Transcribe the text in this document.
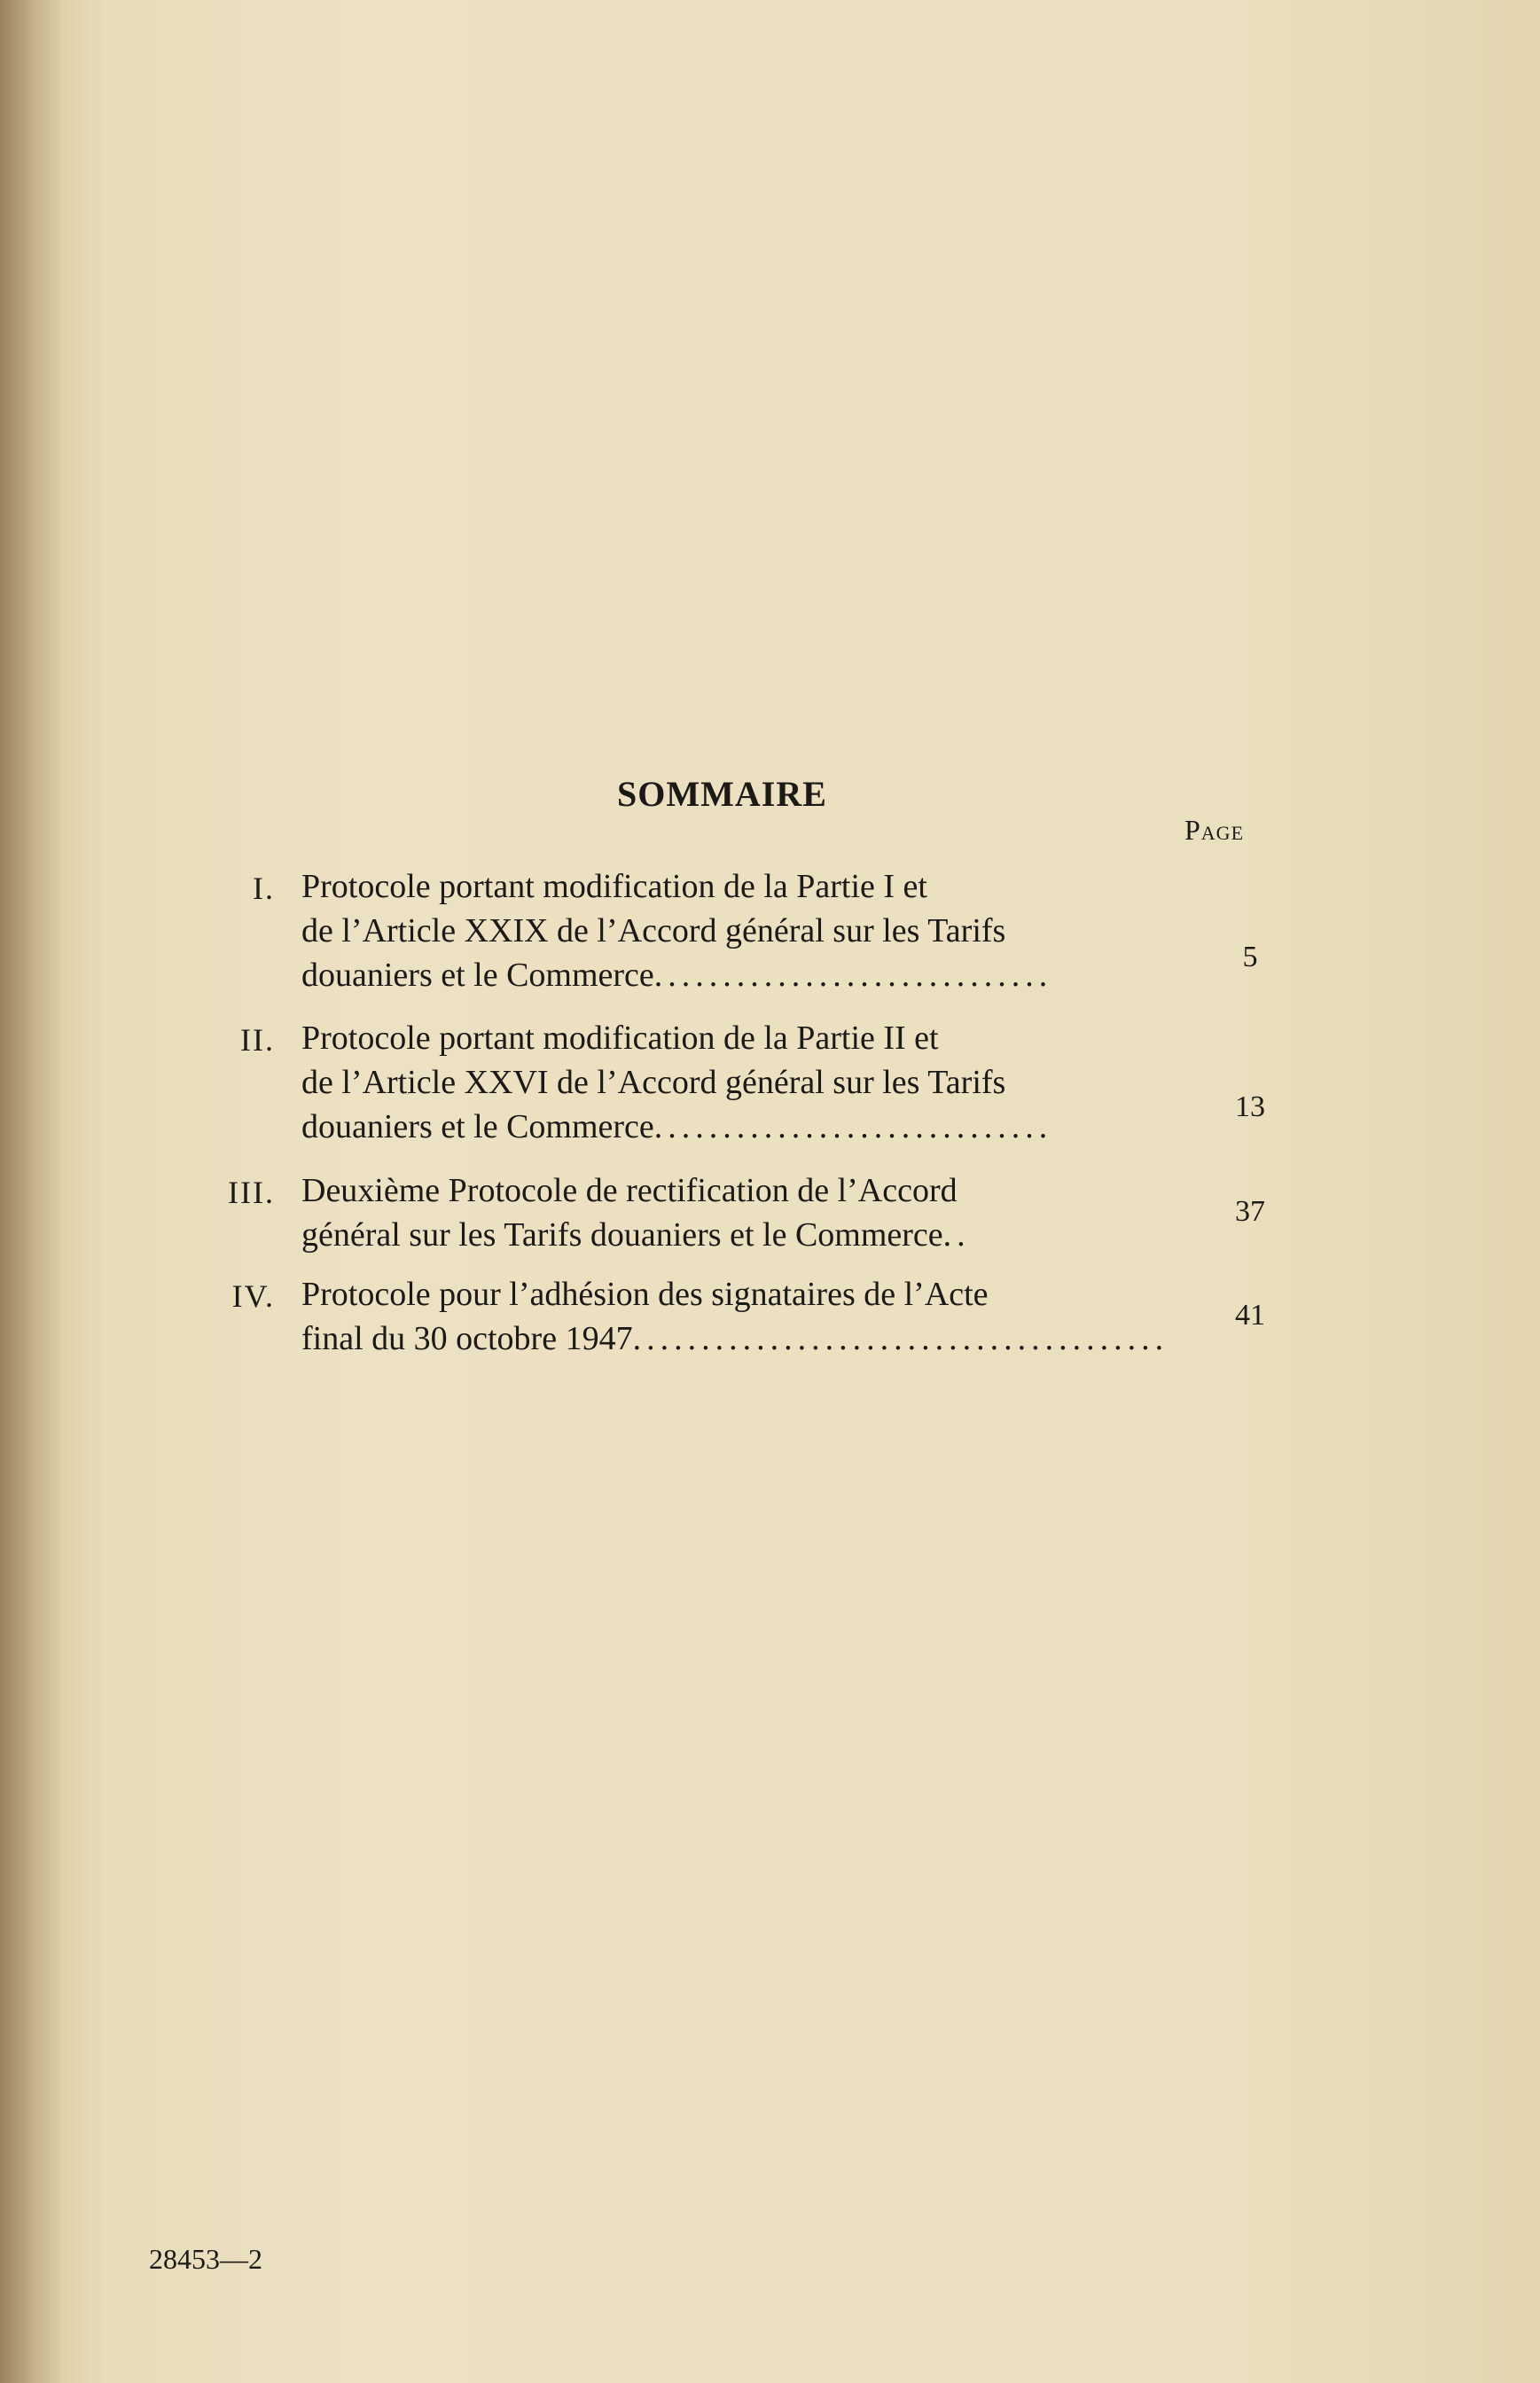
SOMMAIRE
Page
I. Protocole portant modification de la Partie I et
de l’Article XXIX de l’Accord général sur les Tarifs
douaniers et le Commerce.............................	5
II. Protocole portant modification de la Partie II et
de l’Article XXVI de l’Accord général sur les Tarifs
douaniers et le Commerce.............................
13
III. Deuxième Protocole de rectification de l’Accord
général sur les Tarifs douaniers et le Commerce..
37
IV. Protocole pour l’adhésion des signataires de l’Acte
final du 30 octobre 1947.......................................
41
28453—2
